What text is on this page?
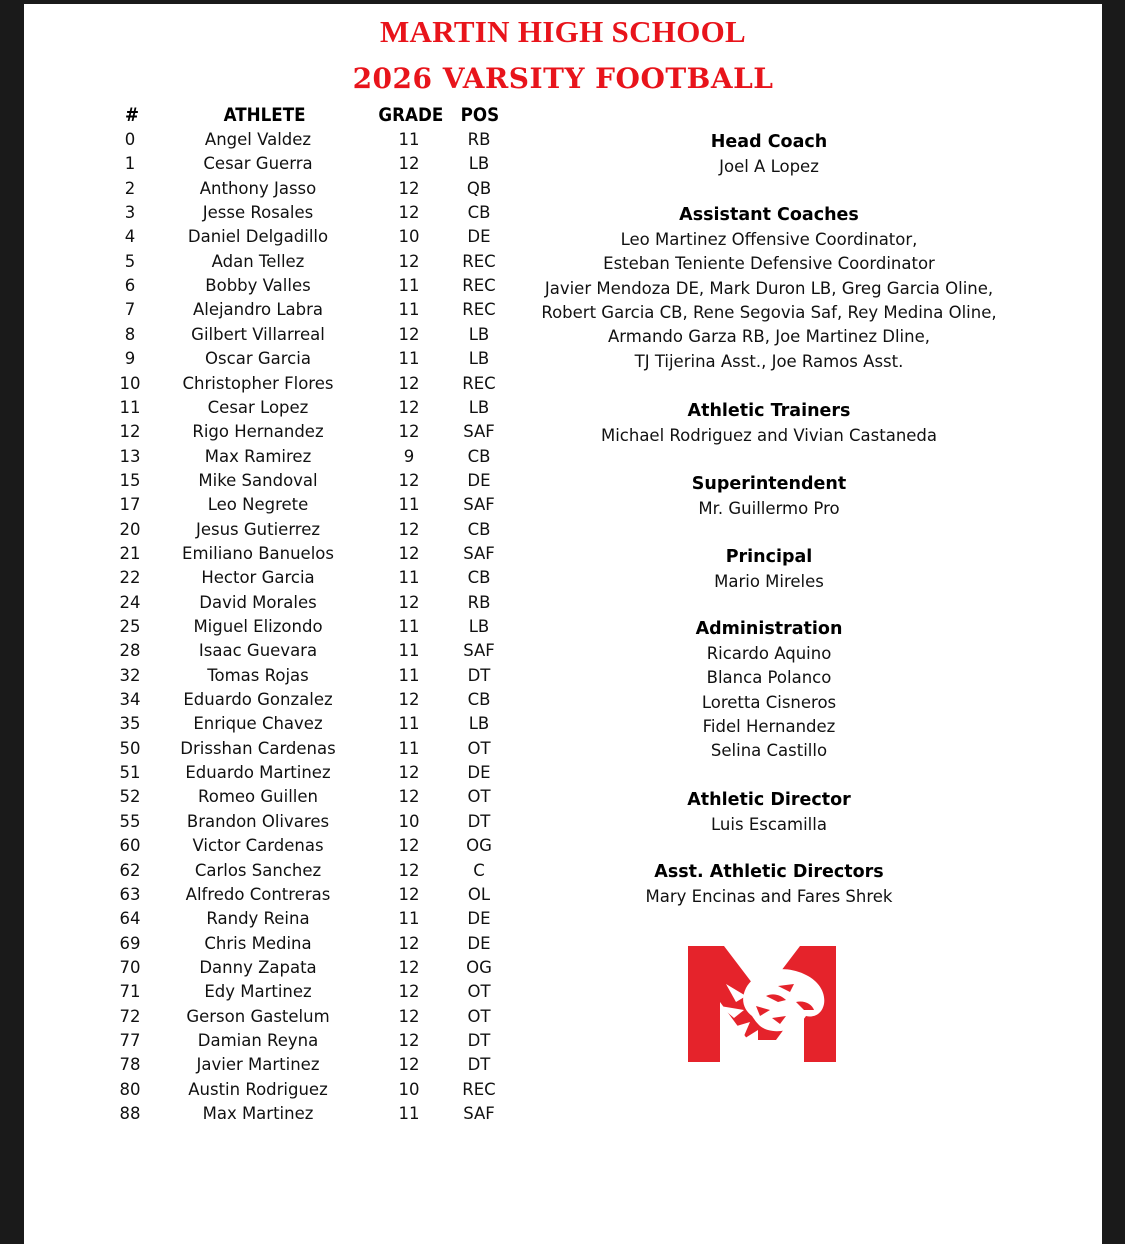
MARTIN HIGH SCHOOL
2026 VARSITY FOOTBALL
#	ATHLETE	GRADE POS
0	Angel Valdez	11	RB
1	Cesar Guerra	12	LB
2	Anthony Jasso	12	QB
3	Jesse Rosales	12	CB
4	Daniel Delgadillo	10	DE
5	Adan Tellez	12	REC
6	Bobby Valles	11	REC
7	Alejandro Labra	11	REC
8	Gilbert Villarreal	12	LB
9	Oscar Garcia	11	LB
10	Christopher Flores	12	REC
11	Cesar Lopez	12	LB
12	Rigo Hernandez	12	SAF
13	Max Ramirez	9	CB
15	Mike Sandoval	12	DE
17	Leo Negrete	11	SAF
20	Jesus Gutierrez	12	CB
21	Emiliano Banuelos	12	SAF
22	Hector Garcia	11	CB
24	David Morales	12	RB
25	Miguel Elizondo	11	LB
28	Isaac Guevara	11	SAF
32	Tomas Rojas	11	DT
34	Eduardo Gonzalez	12	CB
35	Enrique Chavez	11	LB
50 Drisshan Cardenas	11	OT
51	Eduardo Martinez	12	DE
52	Romeo Guillen	12	OT
55	Brandon Olivares	10	DT
60	Victor Cardenas	12	OG
62	Carlos Sanchez	12	C
63	Alfredo Contreras	12	OL
64	Randy Reina	11	DE
69	Chris Medina	12	DE
70	Danny Zapata	12	OG
71	Edy Martinez	12	OT
72	Gerson Gastelum	12	OT
77	Damian Reyna	12	DT
78	Javier Martinez	12	DT
80	Austin Rodriguez	10	REC
88	Max Martinez	11	SAF
Head Coach
Joel A Lopez
Assistant Coaches
Leo Martinez Offensive Coordinator,
Esteban Teniente Defensive Coordinator
Javier Mendoza DE, Mark Duron LB, Greg Garcia Oline,
Robert Garcia CB, Rene Segovia Saf, Rey Medina Oline,
Armando Garza RB, Joe Martinez Dline,
TJ Tijerina Asst., Joe Ramos Asst.
Athletic Trainers
Michael Rodriguez and Vivian Castaneda
Superintendent
Mr. Guillermo Pro
Principal
Mario Mireles
Administration
Ricardo Aquino
Blanca Polanco
Loretta Cisneros
Fidel Hernandez
Selina Castillo
Athletic Director
Luis Escamilla
Asst. Athletic Directors
Mary Encinas and Fares Shrek
